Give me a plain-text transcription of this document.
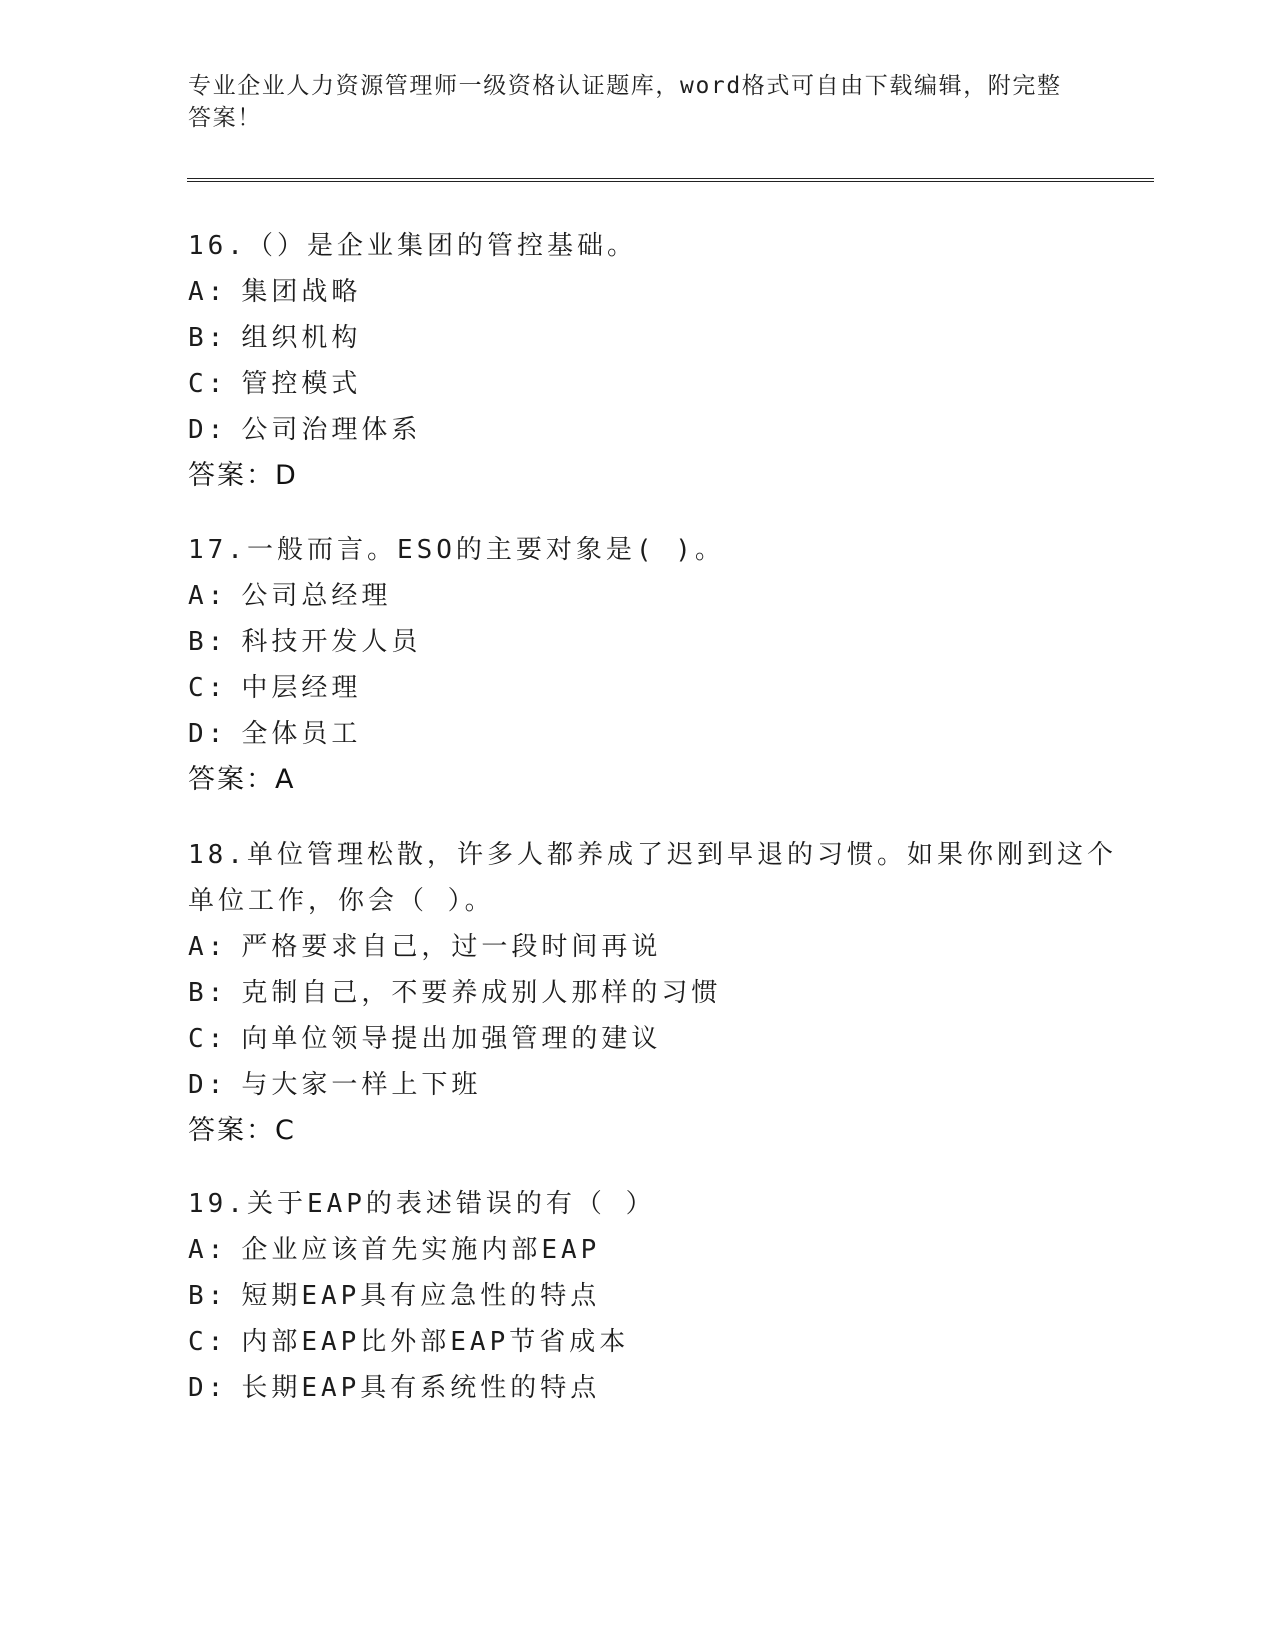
专业企业人力资源管理师一级资格认证题库，word格式可自由下载编辑，附完整
答案！
16.（）是企业集团的管控基础。
A: 集团战略
B: 组织机构
C: 管控模式
D: 公司治理体系
答案：D
17.一般而言。ESO的主要对象是( )。
A: 公司总经理
B: 科技开发人员
C: 中层经理
D: 全体员工
答案：A
18.单位管理松散，许多人都养成了迟到早退的习惯。如果你刚到这个
单位工作，你会（ ）。
A: 严格要求自己，过一段时间再说
B: 克制自己，不要养成别人那样的习惯
C: 向单位领导提出加强管理的建议
D: 与大家一样上下班
答案：C
19.关于EAP的表述错误的有（ ）
A: 企业应该首先实施内部EAP
B: 短期EAP具有应急性的特点
C: 内部EAP比外部EAP节省成本
D: 长期EAP具有系统性的特点
